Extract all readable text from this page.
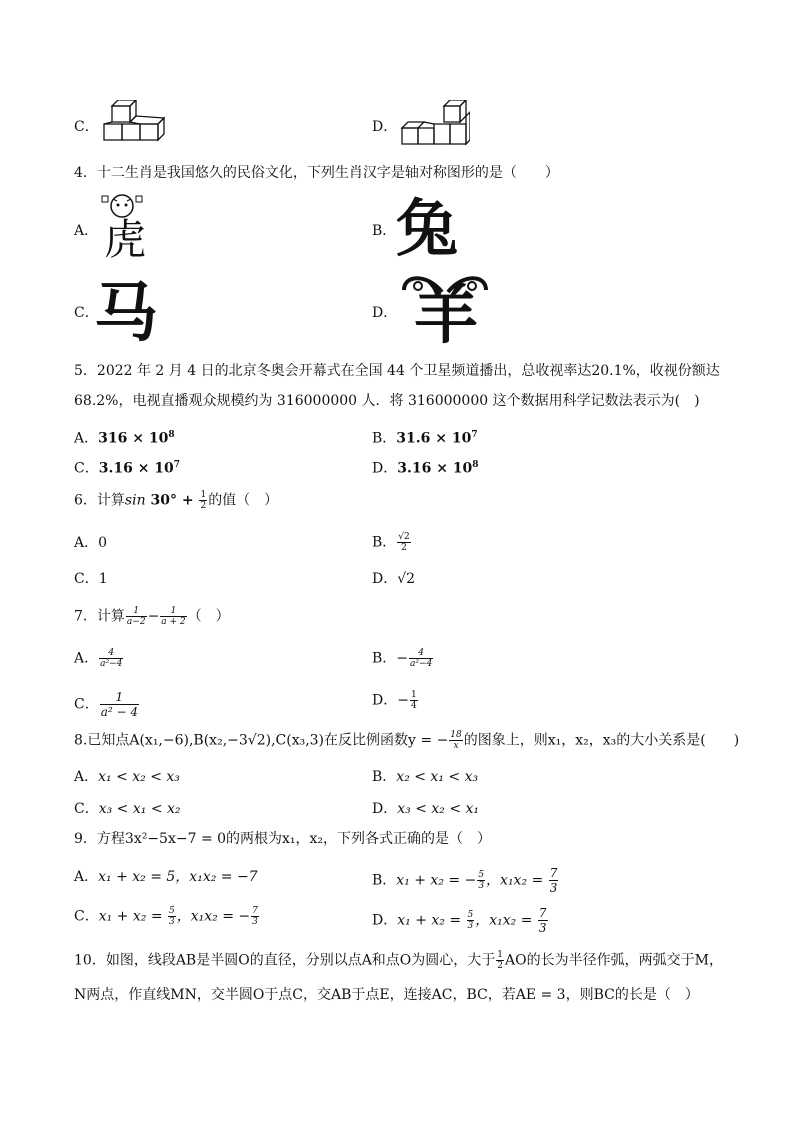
C．	D．
4．十二生肖是我国悠久的民俗文化，下列生肖汉字是轴对称图形的是（　　）
A． 虎	B． 兔
C．
马	D． 羊
5．2022 年 2 月 4 日的北京冬奥会开幕式在全国 44 个卫星频道播出，总收视率达20.1%，收视份额达
68.2%，电视直播观众规模约为 316000000 人．将 316000000 这个数据用科学记数法表示为(　)
A．$316 \times 10^8$	B．$31.6 \times 10^7$
C．$3.16 \times 10^7$	D．$3.16 \times 10^8$
6．计算$\sin 30^\circ + \frac{1}{2}$ 的值（　）
A．0	B． $\frac{√2}{2}$
C．1	D．√2
7．计算 $\frac{1}{a-2} - \frac{1}{a + 2}$ （　）
A． $\frac{4}{\text{a²−4}}$	B．− $\frac{4}{\text{a²−4}}$
C． $\frac{1}{\text{a² − 4}}$	D．− $\frac{1}{4}$
8.已知点A(x₁,−6),B(x₂,−3√2),C(x₃,3)在反比例函数y = − $\frac{18}{x}$ 的图象上，则x₁，x₂，x₃的大小关系是(　　)
A．x₁ < x₂ < x₃	B．x₂ < x₁ < x₃
C．x₃ < x₁ < x₂	D．x₃ < x₂ < x₁
9．方程3x²−5x−7 = 0的两根为x₁，x₂，下列各式正确的是（　）
A．x₁ + x₂ = 5，x₁x₂ = −7	B．x₁ + x₂ = − $\frac{5}{3}$ ，$x_1x_2 = \frac{7}{3}$
C．$x_1 + x_2 = \frac{5}{3}$ ，x₁x₂ = − $\frac{7}{3}$	D．$x_1 + x_2 = \frac{5}{3}$ ，$x_1x_2 = \frac{7}{3}$
10．如图，线段AB是半圆O的直径，分别以点A和点O为圆心，大于 $\frac{1}{2}$ AO的长为半径作弧，两弧交于M，
N两点，作直线MN，交半圆O于点C，交AB于点E，连接AC，BC，若AE = 3，则BC的长是（　）
